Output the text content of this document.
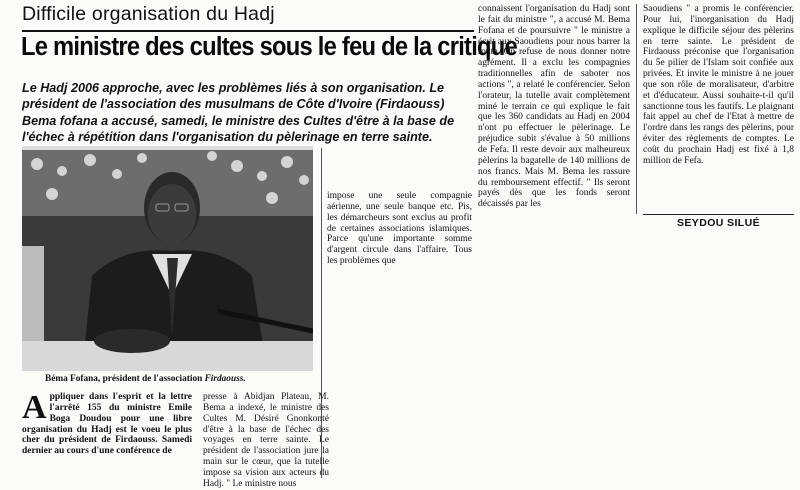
Difficile organisation du Hadj
Le ministre des cultes sous le feu de la critique
Le Hadj 2006 approche, avec les problèmes liés à son organisation. Le président de l'association des musulmans de Côte d'Ivoire (Firdaouss) Bema fofana a accusé, samedi, le ministre des Cultes d'être à la base de l'échec à répétition dans l'organisation du pèlerinage en terre sainte.
Béma Fofana, président de l'association Firdaouss.

impose une seule compagnie aérienne, une seule banque etc. Pis, les démarcheurs sont exclus au profit de certaines associations islamiques. Parce qu'une importante somme d'argent circule dans l'affaire. Tous les problèmes que

connaissent l'organisation du Hadj sont le fait du ministre ", a accusé M. Bema Fofana et de poursuivre " le ministre a écrit aux Saoudiens pour nous barrer la route. On refuse de nous donner notre agrément. Il a exclu les compagnies traditionnelles afin de saboter nos actions ", a relaté le conférencier. Selon l'orateur, la tutelle avait complètement miné le terrain ce qui explique le fait que les 360 candidats au Hadj en 2004 n'ont pu effectuer le pèlerinage. Le préjudice subit s'évalue à 50 millions de Fefa. Il reste devoir aux malheureux pèlerins la bagatelle de 140 millions de nos francs. Mais M. Bema les rassure du remboursement effectif. " Ils seront payés dès que les fonds seront décaissés par les

Saoudiens " a promis le conférencier. Pour lui, l'inorganisation du Hadj explique le difficile séjour des pèlerins en terre sainte. Le président de Firdaouss préconise que l'organisation du 5e pilier de l'Islam soit confiée aux privées. Et invite le ministre à ne jouer que son rôle de moralisateur, d'arbitre et d'éducateur. Aussi souhaite-t-il qu'il sanctionne tous les fautifs. Le plaignant fait appel au chef de l'Etat à mettre de l'ordre dans les rangs des pèlerins, pour éviter des règlements de comptes. Le coût du prochain Hadj est fixé à 1,8 million de Fefa.

SEYDOU SILUÉ
A ppliquer dans l'esprit et la lettre l'arrêté 155 du ministre Emile Boga Doudou pour une libre organisation du Hadj est le voeu le plus cher du président de Firdaouss. Samedi dernier au cours d'une conférence de

presse à Abidjan Plateau, M. Bema a indexé, le ministre des Cultes M. Désiré Gnonkonté d'être à la base de l'échec des voyages en terre sainte. Le président de l'association jure la main sur le cœur, que la tutelle impose sa vision aux acteurs du Hadj. " Le ministre nous
